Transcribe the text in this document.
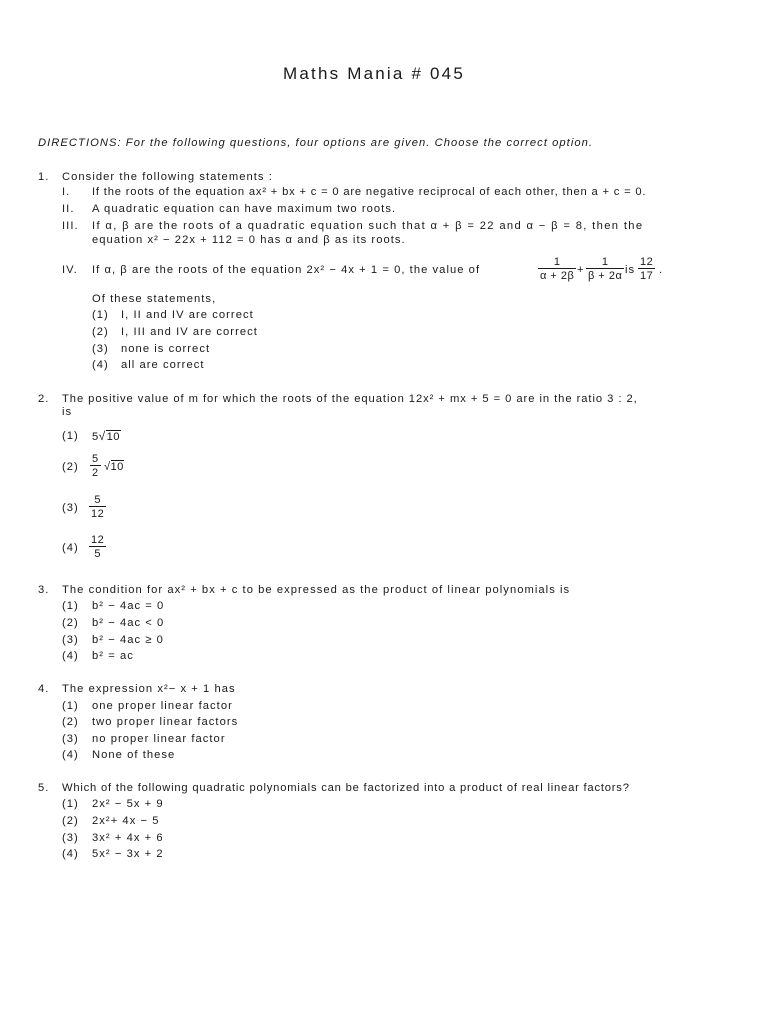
Maths Mania # 045
DIRECTIONS: For the following questions, four options are given. Choose the correct option.
1. Consider the following statements :
I. If the roots of the equation ax² + bx + c = 0 are negative reciprocal of each other, then a + c = 0.
II. A quadratic equation can have maximum two roots.
III. If α, β are the roots of a quadratic equation such that α + β = 22 and α − β = 8, then the
equation x² − 22x + 112 = 0 has α and β as its roots.
IV. If α, β are the roots of the equation 2x² − 4x + 1 = 0, the value of	$\frac{1}{\alpha + 2\beta} + \frac{1}{\beta + 2\alpha}$ is $\frac{12}{17}$ .
Of these statements,
(1) I, II and IV are correct
(2) I, III and IV are correct
(3) none is correct
(4) all are correct
2. The positive value of m for which the roots of the equation 12x² + mx + 5 = 0 are in the ratio 3 : 2,
is
(1) 5√10
$(2) \frac{5}{2} √10$
$(3) \frac{5}{12}$
$(4) \frac{12}{5}$
3. The condition for ax² + bx + c to be expressed as the product of linear polynomials is
(1) b² − 4ac = 0
(2) b² − 4ac < 0
(3) b² − 4ac ≥ 0
(4) b² = ac
4. The expression x²− x + 1 has
(1) one proper linear factor
(2) two proper linear factors
(3) no proper linear factor
(4) None of these
5. Which of the following quadratic polynomials can be factorized into a product of real linear factors?
(1) 2x² − 5x + 9
(2) 2x²+ 4x − 5
(3) 3x² + 4x + 6
(4) 5x² − 3x + 2
